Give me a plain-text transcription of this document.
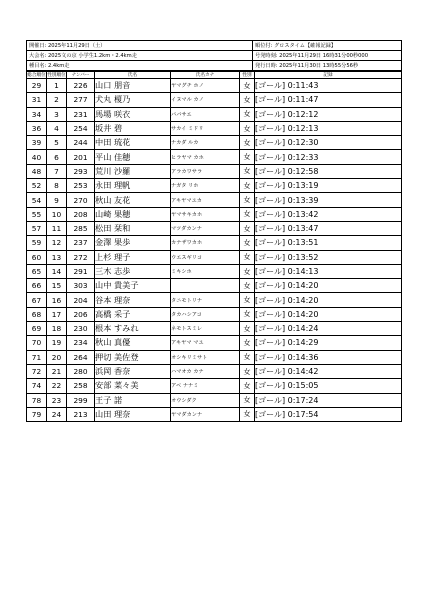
開催日: 2025年11月29日（土）	順位付: グロスタイム【確報記録】
大会名: 2025文の京 小学生1.2km・2.4km走	号発時刻: 2025年11月29日 16時31分00秒000
種目名: 2.4km走	発行日時: 2025年11月30日 13時55分56秒
総合順位	性別順位	ナンバー	氏名	氏名カナ	性別	記録
29	1	226	山口 朋音	ヤマグチ ホノ	女	[ゴール] 0:11:43
31	2	277	犬丸 榎乃	イヌマル カノ	女	[ゴール] 0:11:47
34	3	231	馬場 咲衣	ババサエ	女	[ゴール] 0:12:12
36	4	254	坂井 碧	サカイ ミドリ	女	[ゴール] 0:12:13
39	5	244	中田 琉花	ナカダ ルカ	女	[ゴール] 0:12:30
40	6	201	平山 佳穂	ヒラヤマ カホ	女	[ゴール] 0:12:33
48	7	293	荒川 沙羅	アラカワサラ	女	[ゴール] 0:12:58
52	8	253	永田 理帆	ナガタ リホ	女	[ゴール] 0:13:19
54	9	270	秋山 友花	アキヤマユカ	女	[ゴール] 0:13:39
55	10	208	山崎 果穂	ヤマサキカホ	女	[ゴール] 0:13:42
57	11	285	松田 栞和	マツダカンナ	女	[ゴール] 0:13:47
59	12	237	金澤 果歩	カナザワカホ	女	[ゴール] 0:13:51
60	13	272	上杉 理子	ウエスギリコ	女	[ゴール] 0:13:52
65	14	291	三木 志歩	ミキシホ	女	[ゴール] 0:14:13
66	15	303	山中 貴美子		女	[ゴール] 0:14:20
67	16	204	谷本 理奈	タニモトリナ	女	[ゴール] 0:14:20
68	17	206	高橋 采子	タカハシアコ	女	[ゴール] 0:14:20
69	18	230	根本 すみれ	ネモトスミレ	女	[ゴール] 0:14:24
70	19	234	秋山 真優	アキヤマ マユ	女	[ゴール] 0:14:29
71	20	264	押切 美佐登	オシキリミサト	女	[ゴール] 0:14:36
72	21	280	浜岡 香奈	ハマオカ カナ	女	[ゴール] 0:14:42
74	22	258	安部 菜々美	アベ ナナミ	女	[ゴール] 0:15:05
78	23	299	王子 諾	オウシダク	女	[ゴール] 0:17:24
79	24	213	山田 理奈	ヤマダカンナ	女	[ゴール] 0:17:54
